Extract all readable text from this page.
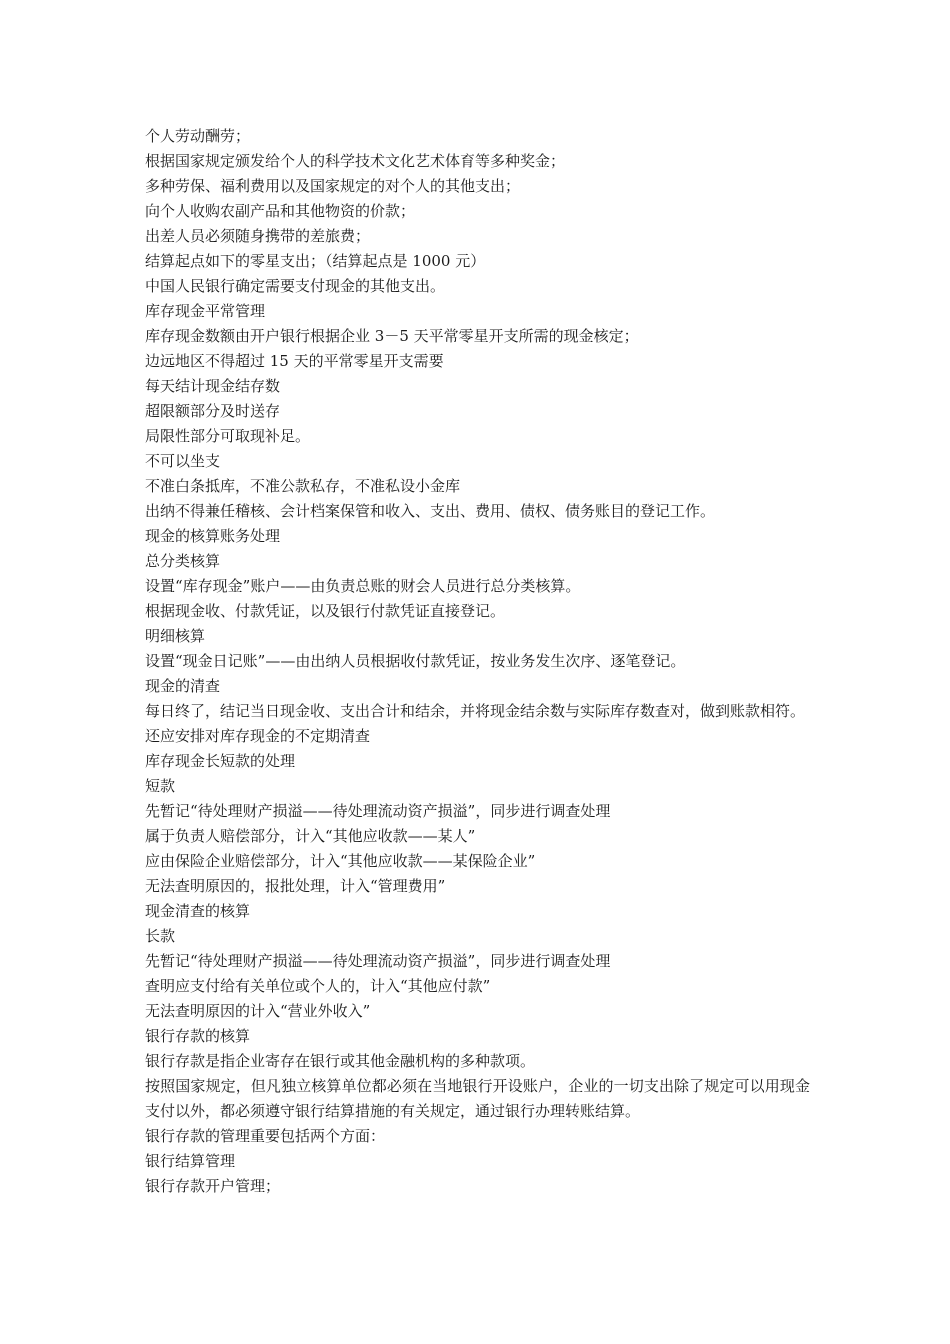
个人劳动酬劳；
根据国家规定颁发给个人的科学技术文化艺术体育等多种奖金；
多种劳保、福利费用以及国家规定的对个人的其他支出；
向个人收购农副产品和其他物资的价款；
出差人员必须随身携带的差旅费；
结算起点如下的零星支出；（结算起点是 1000 元）
中国人民银行确定需要支付现金的其他支出。
库存现金平常管理
库存现金数额由开户银行根据企业 3－5 天平常零星开支所需的现金核定；
边远地区不得超过 15 天的平常零星开支需要
每天结计现金结存数
超限额部分及时送存
局限性部分可取现补足。
不可以坐支
不准白条抵库，不准公款私存，不准私设小金库
出纳不得兼任稽核、会计档案保管和收入、支出、费用、债权、债务账目的登记工作。
现金的核算账务处理
总分类核算
设置“库存现金”账户——由负责总账的财会人员进行总分类核算。
根据现金收、付款凭证，以及银行付款凭证直接登记。
明细核算
设置“现金日记账”——由出纳人员根据收付款凭证，按业务发生次序、逐笔登记。
现金的清查
每日终了，结记当日现金收、支出合计和结余，并将现金结余数与实际库存数查对，做到账款相符。
还应安排对库存现金的不定期清查
库存现金长短款的处理
短款
先暂记“待处理财产损溢——待处理流动资产损溢”，同步进行调查处理
属于负责人赔偿部分，计入“其他应收款——某人”
应由保险企业赔偿部分，计入“其他应收款——某保险企业”
无法查明原因的，报批处理，计入“管理费用”
现金清查的核算
长款
先暂记“待处理财产损溢——待处理流动资产损溢”，同步进行调查处理
查明应支付给有关单位或个人的，计入“其他应付款”
无法查明原因的计入“营业外收入”
银行存款的核算
银行存款是指企业寄存在银行或其他金融机构的多种款项。
按照国家规定，但凡独立核算单位都必须在当地银行开设账户，企业的一切支出除了规定可以用现金支付以外，都必须遵守银行结算措施的有关规定，通过银行办理转账结算。
银行存款的管理重要包括两个方面：
银行结算管理
银行存款开户管理；
